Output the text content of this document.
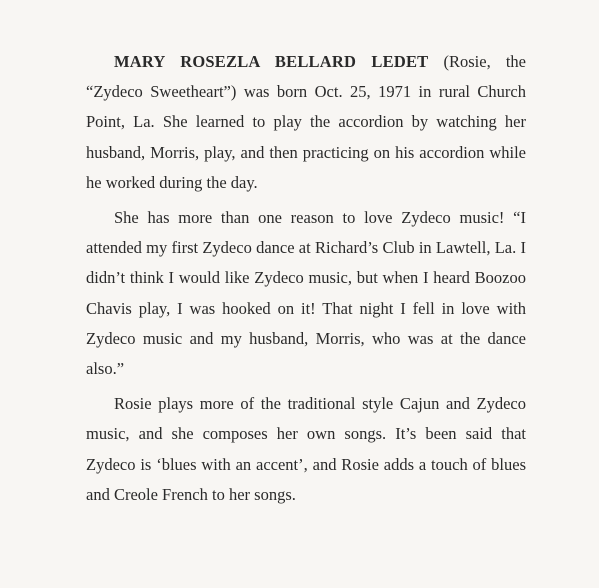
MARY ROSEZLA BELLARD LEDET (Rosie, the “Zydeco Sweetheart”) was born Oct. 25, 1971 in rural Church Point, La. She learned to play the accordion by watching her husband, Morris, play, and then practicing on his accordion while he worked during the day.

She has more than one reason to love Zydeco music! “I attended my first Zydeco dance at Richard’s Club in Lawtell, La. I didn’t think I would like Zydeco music, but when I heard Boozoo Chavis play, I was hooked on it! That night I fell in love with Zydeco music and my husband, Morris, who was at the dance also.”

Rosie plays more of the traditional style Cajun and Zydeco music, and she composes her own songs. It’s been said that Zydeco is ‘blues with an accent’, and Rosie adds a touch of blues and Creole French to her songs.
